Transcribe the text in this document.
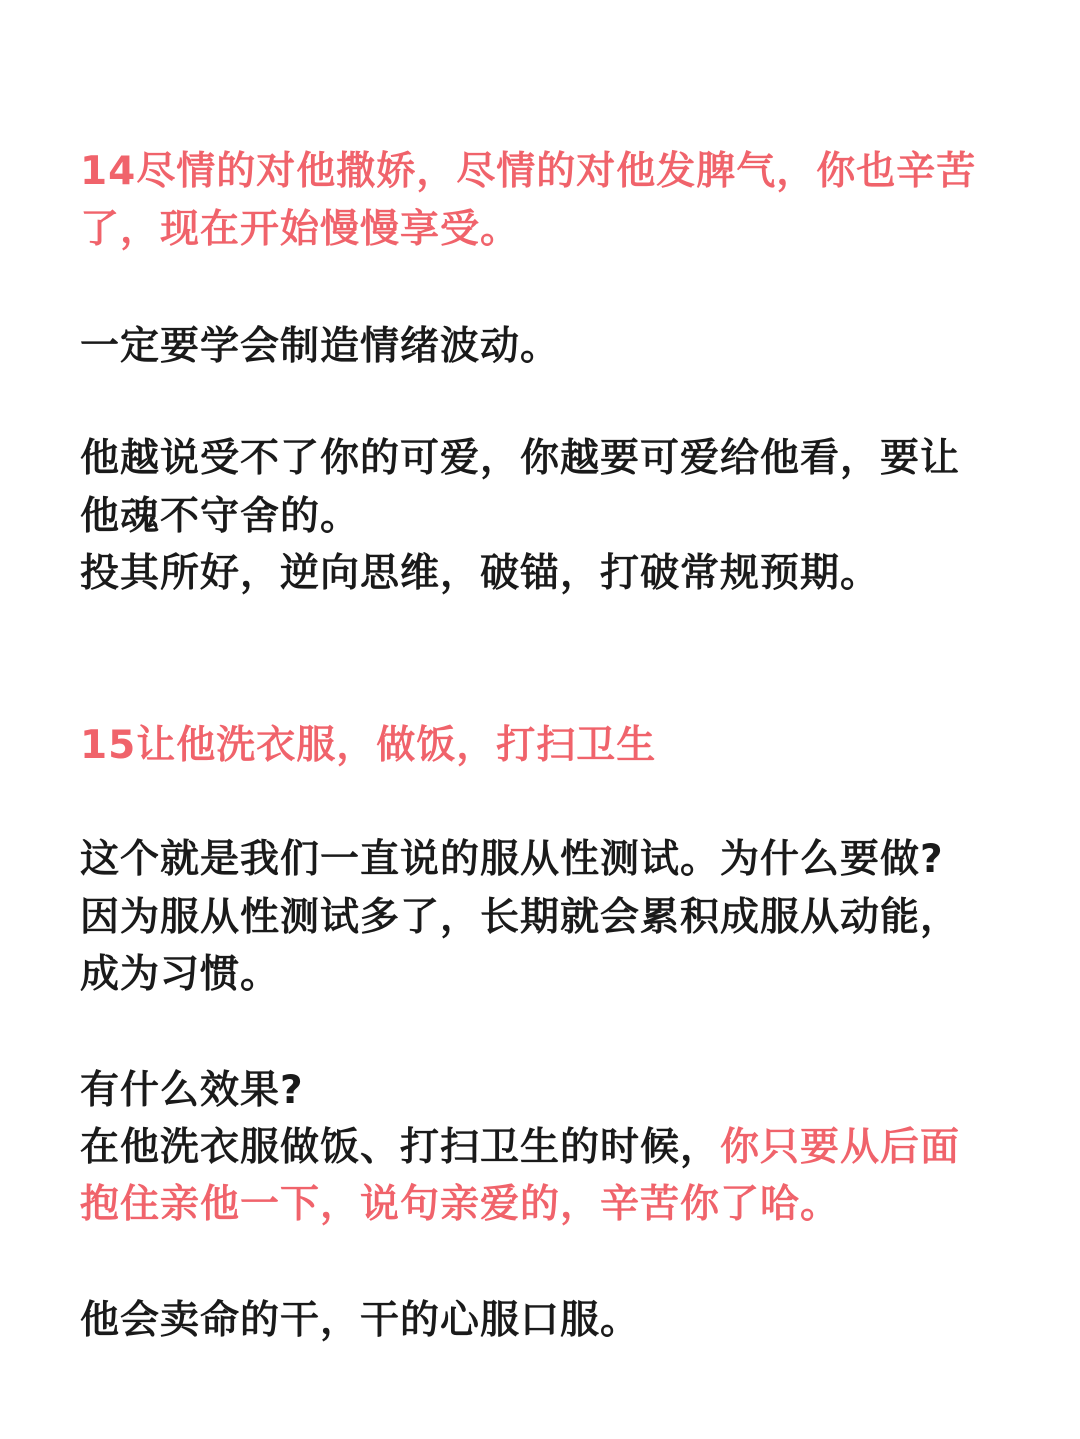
14尽情的对他撒娇，尽情的对他发脾气，你也辛苦
了，现在开始慢慢享受。
一定要学会制造情绪波动。
他越说受不了你的可爱，你越要可爱给他看，要让
他魂不守舍的。
投其所好，逆向思维，破锚，打破常规预期。
15让他洗衣服，做饭，打扫卫生
这个就是我们一直说的服从性测试。为什么要做?
因为服从性测试多了，长期就会累积成服从动能，
成为习惯。
有什么效果?
在他洗衣服做饭、打扫卫生的时候，你只要从后面
抱住亲他一下，说句亲爱的，辛苦你了哈。
他会卖命的干，干的心服口服。
